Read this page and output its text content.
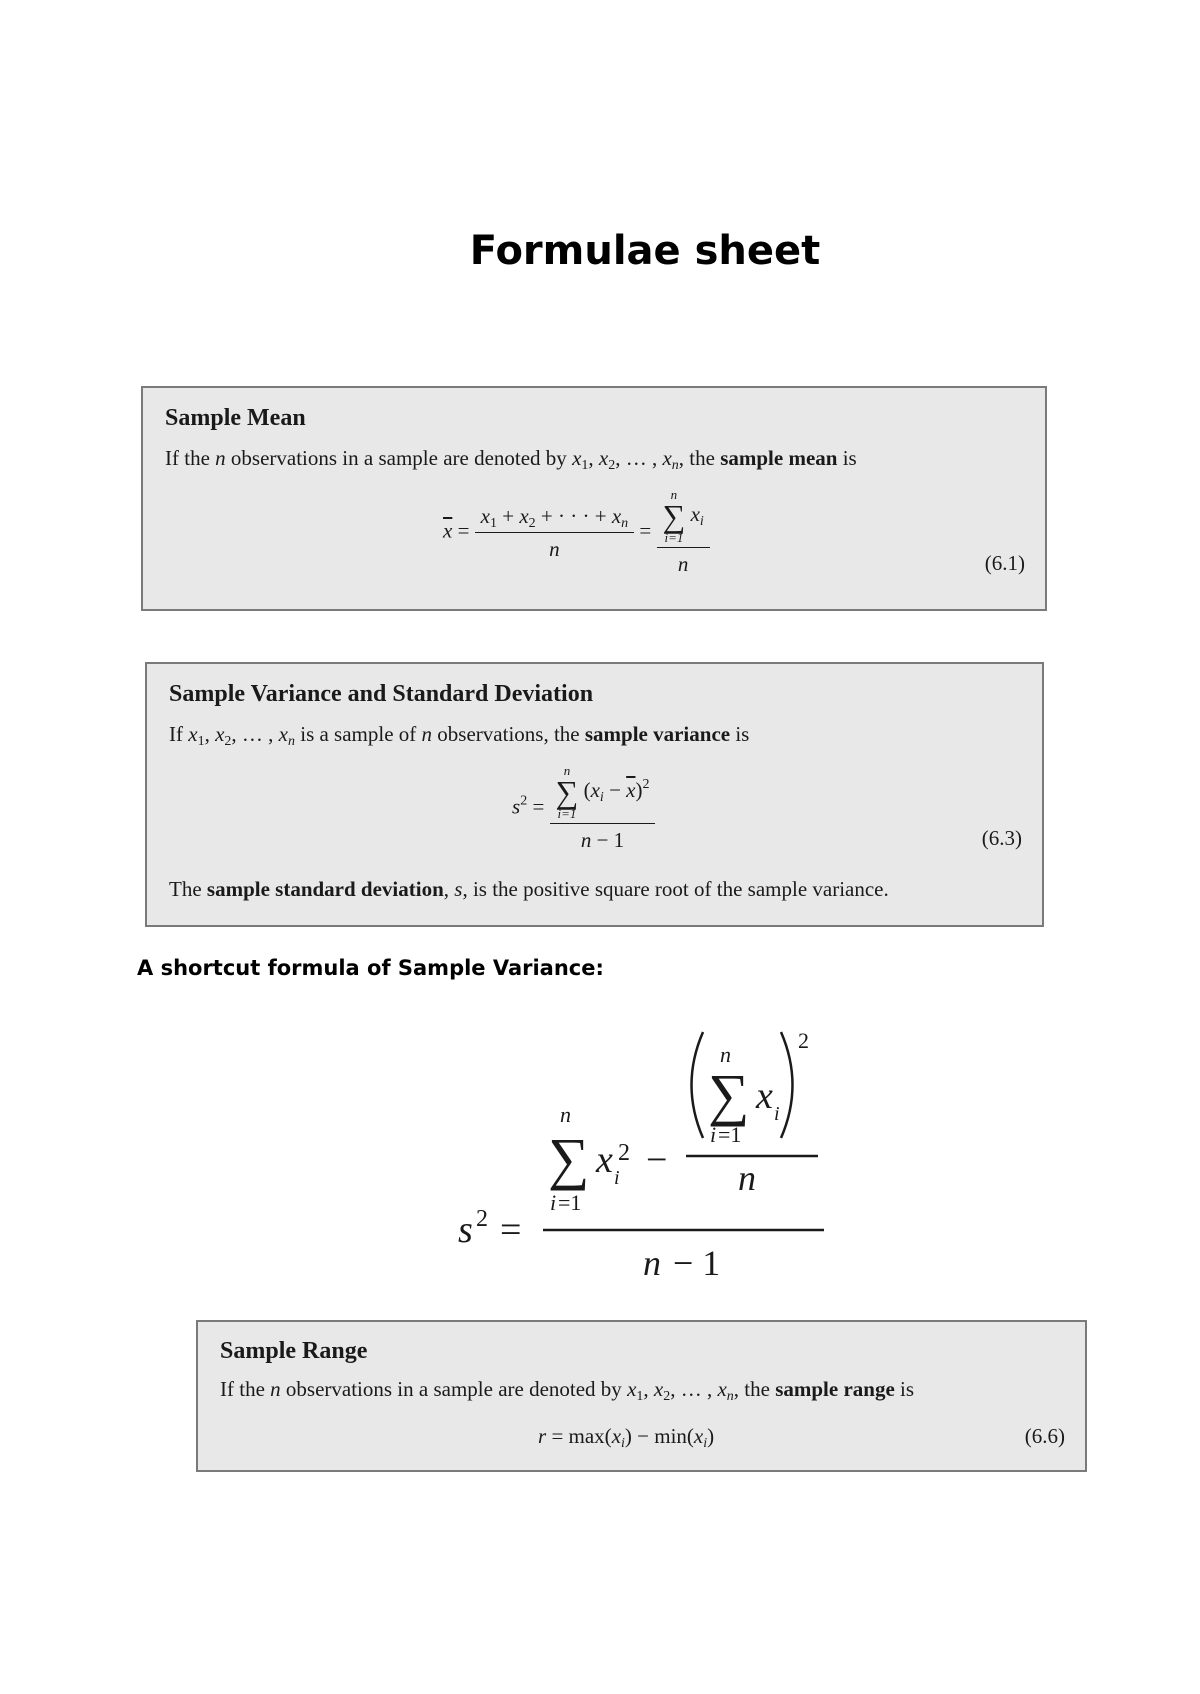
Formulae sheet
Sample Mean

If the n observations in a sample are denoted by $x_1$, $x_2$, … , $x_n$, the sample mean is

$\overline{x} = \frac{x_1 + x_2 + \cdot \cdot \cdot + x_n}{n} = n$
∑
i=1
$x_i$
n	(6.1)
Sample Variance and Standard Deviation

If $x_1$, $x_2$, … , $x_n$ is a sample of n observations, the sample variance is

$s^2 = n$
∑
i=1
$(x_i - \overline{x})^2$
n − 1	(6.3)

The sample standard deviation, s, is the positive square root of the sample variance.

A shortcut formula of Sample Variance:
s 2 =
n
∑
i =1
x i
2 −
n
∑
i =1
x i
2
n
n − 1
Sample Range

If the n observations in a sample are denoted by $x_1$, $x_2$, … , $x_n$, the sample range is

$r = \max(x_i) - \min(x_i)$	(6.6)
